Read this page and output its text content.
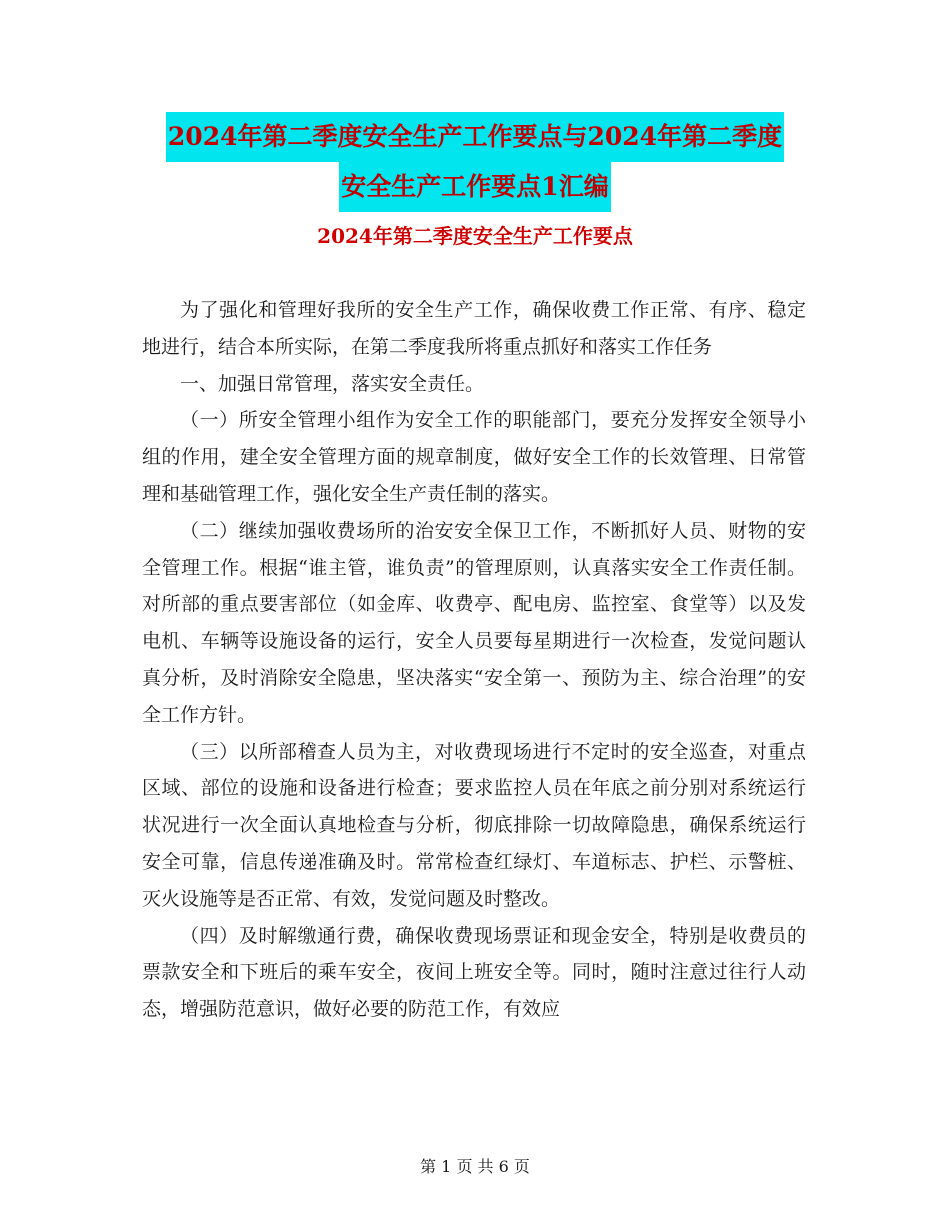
2024年第二季度安全生产工作要点与2024年第二季度
安全生产工作要点1汇编
2024年第二季度安全生产工作要点

为了强化和管理好我所的安全生产工作，确保收费工作正常、有序、稳定地进行，结合本所实际，在第二季度我所将重点抓好和落实工作任务

一、加强日常管理，落实安全责任。

（一）所安全管理小组作为安全工作的职能部门，要充分发挥安全领导小组的作用，建全安全管理方面的规章制度，做好安全工作的长效管理、日常管理和基础管理工作，强化安全生产责任制的落实。

（二）继续加强收费场所的治安安全保卫工作，不断抓好人员、财物的安全管理工作。根据“谁主管，谁负责”的管理原则，认真落实安全工作责任制。对所部的重点要害部位（如金库、收费亭、配电房、监控室、食堂等）以及发电机、车辆等设施设备的运行，安全人员要每星期进行一次检查，发觉问题认真分析，及时消除安全隐患，坚决落实“安全第一、预防为主、综合治理”的安全工作方针。

（三）以所部稽查人员为主，对收费现场进行不定时的安全巡查，对重点区域、部位的设施和设备进行检查；要求监控人员在年底之前分别对系统运行状况进行一次全面认真地检查与分析，彻底排除一切故障隐患，确保系统运行安全可靠，信息传递准确及时。常常检查红绿灯、车道标志、护栏、示警桩、灭火设施等是否正常、有效，发觉问题及时整改。

（四）及时解缴通行费，确保收费现场票证和现金安全，特别是收费员的票款安全和下班后的乘车安全，夜间上班安全等。同时，随时注意过往行人动态，增强防范意识，做好必要的防范工作，有效应

第 1 页 共 6 页
